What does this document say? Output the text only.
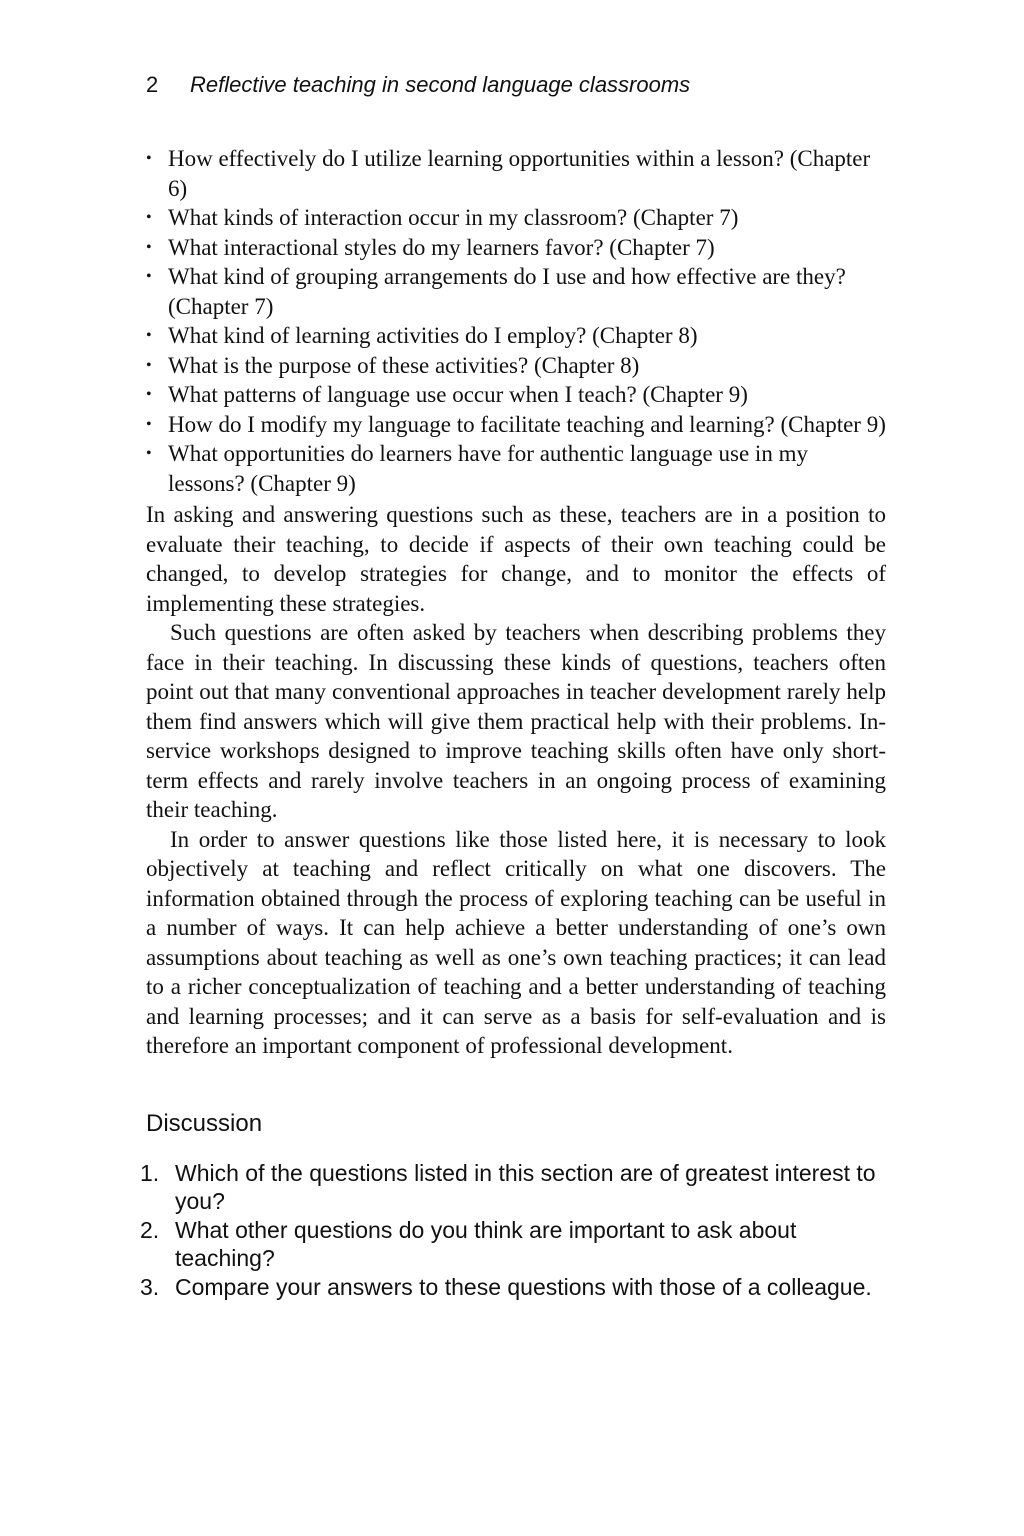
2 Reflective teaching in second language classrooms
• How effectively do I utilize learning opportunities within a lesson? (Chapter 6)
• What kinds of interaction occur in my classroom? (Chapter 7)
• What interactional styles do my learners favor? (Chapter 7)
• What kind of grouping arrangements do I use and how effective are they? (Chapter 7)
• What kind of learning activities do I employ? (Chapter 8)
• What is the purpose of these activities? (Chapter 8)
• What patterns of language use occur when I teach? (Chapter 9)
• How do I modify my language to facilitate teaching and learning? (Chapter 9)
• What opportunities do learners have for authentic language use in my lessons? (Chapter 9)

In asking and answering questions such as these, teachers are in a position to evaluate their teaching, to decide if aspects of their own teaching could be changed, to develop strategies for change, and to monitor the effects of implementing these strategies.

Such questions are often asked by teachers when describing problems they face in their teaching. In discussing these kinds of questions, teachers often point out that many conventional approaches in teacher development rarely help them find answers which will give them practical help with their problems. In-service workshops designed to improve teaching skills often have only short-term effects and rarely involve teachers in an ongoing process of examining their teaching.

In order to answer questions like those listed here, it is necessary to look objectively at teaching and reflect critically on what one discovers. The information obtained through the process of exploring teaching can be useful in a number of ways. It can help achieve a better understanding of one’s own assumptions about teaching as well as one’s own teaching practices; it can lead to a richer conceptualization of teaching and a better understanding of teaching and learning processes; and it can serve as a basis for self-evaluation and is therefore an important component of professional development.

Discussion
1. Which of the questions listed in this section are of greatest interest to you?
2. What other questions do you think are important to ask about teaching?
3. Compare your answers to these questions with those of a colleague.
